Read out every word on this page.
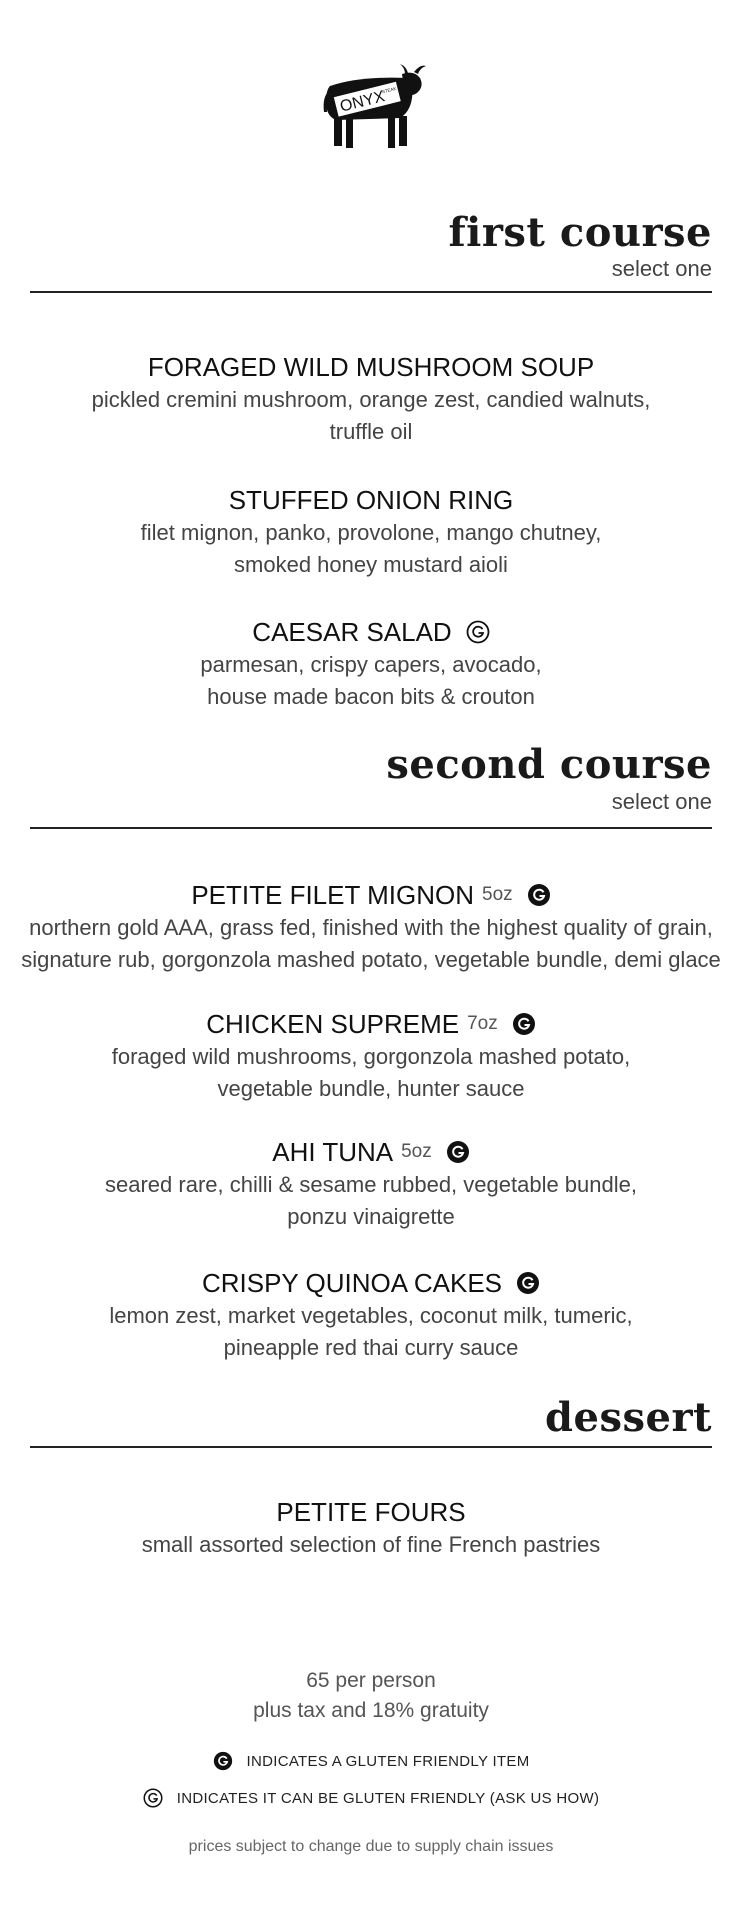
ONYX
STEAK HOUSE
first course
select one
FORAGED WILD MUSHROOM SOUP

pickled cremini mushroom, orange zest, candied walnuts,

truffle oil

STUFFED ONION RING

filet mignon, panko, provolone, mango chutney,

smoked honey mustard aioli

CAESAR SALAD

parmesan, crispy capers, avocado,

house made bacon bits & crouton

second course
select one
PETITE FILET MIGNON 5oz

northern gold AAA, grass fed, finished with the highest quality of grain,

signature rub, gorgonzola mashed potato, vegetable bundle, demi glace

CHICKEN SUPREME 7oz

foraged wild mushrooms, gorgonzola mashed potato,

vegetable bundle, hunter sauce

AHI TUNA 5oz

seared rare, chilli & sesame rubbed, vegetable bundle,

ponzu vinaigrette

CRISPY QUINOA CAKES

lemon zest, market vegetables, coconut milk, tumeric,

pineapple red thai curry sauce

dessert
PETITE FOURS

small assorted selection of fine French pastries

65 per person
plus tax and 18% gratuity
INDICATES A GLUTEN FRIENDLY ITEM
INDICATES IT CAN BE GLUTEN FRIENDLY (ASK US HOW)
prices subject to change due to supply chain issues
